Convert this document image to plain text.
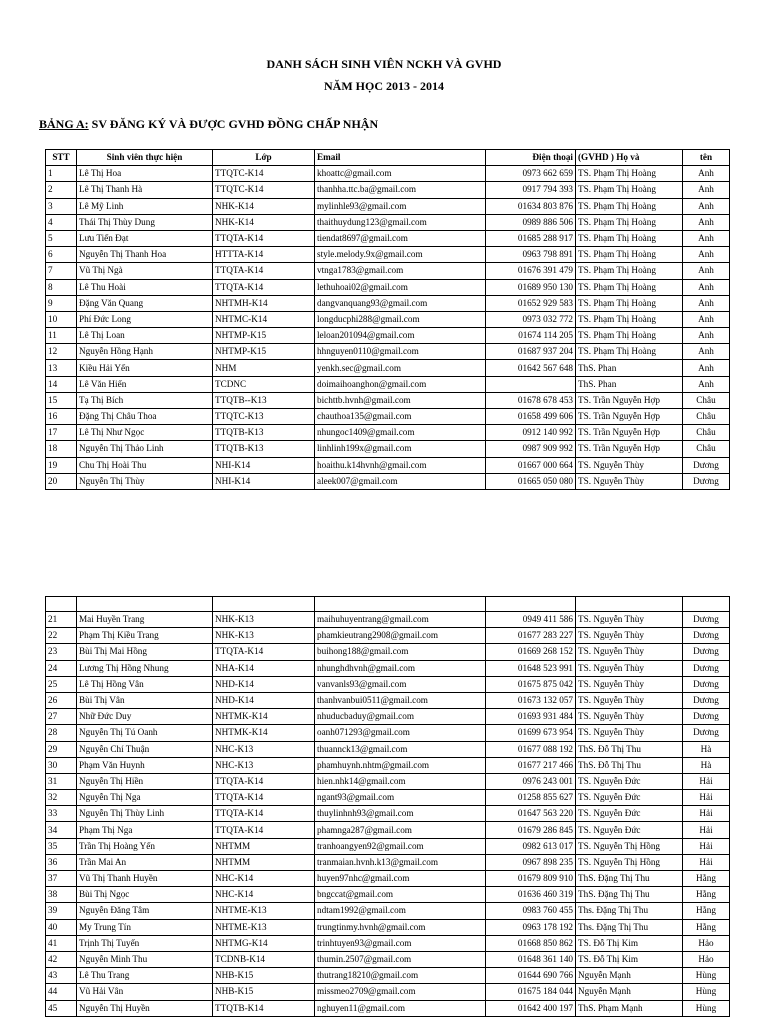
DANH SÁCH SINH VIÊN NCKH VÀ GVHD
NĂM HỌC 2013 - 2014
BẢNG A: SV ĐĂNG KÝ VÀ ĐƯỢC GVHD ĐỒNG CHẤP NHẬN
STT	Sinh viên thực hiện	Lớp	Email	Điện thoại	(GVHD ) Họ và	tên
1	Lê Thị Hoa	TTQTC-K14	khoattc@gmail.com	0973 662 659	TS. Phạm Thị Hoàng	Anh
2	Lê Thị Thanh Hà	TTQTC-K14	thanhha.ttc.ba@gmail.com	0917 794 393	TS. Phạm Thị Hoàng	Anh
3	Lê Mỹ Linh	NHK-K14	mylinhle93@gmail.com	01634 803 876	TS. Phạm Thị Hoàng	Anh
4	Thái Thị Thùy Dung	NHK-K14	thaithuydung123@gmail.com	0989 886 506	TS. Phạm Thị Hoàng	Anh
5	Lưu Tiến Đạt	TTQTA-K14	tiendat8697@gmail.com	01685 288 917	TS. Phạm Thị Hoàng	Anh
6	Nguyễn Thị Thanh Hoa	HTTTA-K14	style.melody.9x@gmail.com	0963 798 891	TS. Phạm Thị Hoàng	Anh
7	Vũ Thị Ngà	TTQTA-K14	vtnga1783@gmail.com	01676 391 479	TS. Phạm Thị Hoàng	Anh
8	Lê Thu Hoài	TTQTA-K14	lethuhoai02@gmail.com	01689 950 130	TS. Phạm Thị Hoàng	Anh
9	Đặng Văn Quang	NHTMH-K14	dangvanquang93@gmail.com	01652 929 583	TS. Phạm Thị Hoàng	Anh
10	Phí Đức Long	NHTMC-K14	longducphi288@gmail.com	0973 032 772	TS. Phạm Thị Hoàng	Anh
11	Lê Thị Loan	NHTMP-K15	leloan201094@gmail.com	01674 114 205	TS. Phạm Thị Hoàng	Anh
12	Nguyễn Hồng Hạnh	NHTMP-K15	hhnguyen0110@gmail.com	01687 937 204	TS. Phạm Thị Hoàng	Anh
13	Kiều Hải Yến	NHM	yenkh.sec@gmail.com	01642 567 648	ThS. Phan	Anh
14	Lê Văn Hiển	TCDNC	doimaihoanghon@gmail.com		ThS. Phan	Anh
15	Tạ Thị Bích	TTQTB--K13	bichttb.hvnh@gmail.com	01678 678 453	TS. Trần Nguyễn Hợp	Châu
16	Đặng Thị Châu Thoa	TTQTC-K13	chauthoa135@gmail.com	01658 499 606	TS. Trần Nguyễn Hợp	Châu
17	Lê Thị Như Ngọc	TTQTB-K13	nhungoc1409@gmail.com	0912 140 992	TS. Trần Nguyễn Hợp	Châu
18	Nguyễn Thị Thảo Linh	TTQTB-K13	linhlinh199x@gmail.com	0987 909 992	TS. Trần Nguyễn Hợp	Châu
19	Chu Thị Hoài Thu	NHI-K14	hoaithu.k14hvnh@gmail.com	01667 000 664	TS. Nguyễn Thùy	Dương
20	Nguyễn Thị Thùy	NHI-K14	aleek007@gmail.com	01665 050 080	TS. Nguyễn Thùy	Dương

21	Mai Huyền Trang	NHK-K13	maihuhuyentrang@gmail.com	0949 411 586	TS. Nguyễn Thùy	Dương
22	Phạm Thị Kiều Trang	NHK-K13	phamkieutrang2908@gmail.com	01677 283 227	TS. Nguyễn Thùy	Dương
23	Bùi Thị Mai Hồng	TTQTA-K14	buihong188@gmail.com	01669 268 152	TS. Nguyễn Thùy	Dương
24	Lương Thị Hồng Nhung	NHA-K14	nhunghdhvnh@gmail.com	01648 523 991	TS. Nguyễn Thùy	Dương
25	Lê Thị Hồng Vân	NHD-K14	vanvanls93@gmail.com	01675 875 042	TS. Nguyễn Thùy	Dương
26	Bùi Thị Vân	NHD-K14	thanhvanbui0511@gmail.com	01673 132 057	TS. Nguyễn Thùy	Dương
27	Nhữ Đức Duy	NHTMK-K14	nhuducbaduy@gmail.com	01693 931 484	TS. Nguyễn Thùy	Dương
28	Nguyễn Thị Tú Oanh	NHTMK-K14	oanh071293@gmail.com	01699 673 954	TS. Nguyễn Thùy	Dương
29	Nguyễn Chí Thuận	NHC-K13	thuannck13@gmail.com	01677 088 192	ThS. Đỗ Thị Thu	Hà
30	Phạm Văn Huynh	NHC-K13	phamhuynh.nhtm@gmail.com	01677 217 466	ThS. Đỗ Thị Thu	Hà
31	Nguyễn Thị Hiền	TTQTA-K14	hien.nhk14@gmail.com	0976 243 001	TS. Nguyễn Đức	Hải
32	Nguyễn Thị Nga	TTQTA-K14	ngant93@gmail.com	01258 855 627	TS. Nguyễn Đức	Hải
33	Nguyễn Thị Thùy Linh	TTQTA-K14	thuylinhnh93@gmail.com	01647 563 220	TS. Nguyễn Đức	Hải
34	Phạm Thị Nga	TTQTA-K14	phamnga287@gmail.com	01679 286 845	TS. Nguyễn Đức	Hải
35	Trần Thị Hoàng Yến	NHTMM	tranhoangyen92@gmail.com	0982 613 017	TS. Nguyễn Thị Hồng	Hải
36	Trần Mai An	NHTMM	tranmaian.hvnh.k13@gmail.com	0967 898 235	TS. Nguyễn Thị Hồng	Hải
37	Vũ Thị Thanh Huyền	NHC-K14	huyen97nhc@gmail.com	01679 809 910	ThS. Đặng Thị Thu	Hằng
38	Bùi Thị Ngọc	NHC-K14	bngccat@gmail.com	01636 460 319	ThS. Đặng Thị Thu	Hằng
39	Nguyễn Đăng Tâm	NHTME-K13	ndtam1992@gmail.com	0983 760 455	Ths. Đặng Thị Thu	Hằng
40	My Trung Tín	NHTME-K13	trungtinmy.hvnh@gmail.com	0963 178 192	Ths. Đặng Thị Thu	Hằng
41	Trịnh Thị Tuyến	NHTMG-K14	trinhtuyen93@gmail.com	01668 850 862	TS. Đỗ Thị Kim	Hảo
42	Nguyễn Minh Thu	TCDNB-K14	thumin.2507@gmail.com	01648 361 140	TS. Đỗ Thị Kim	Hảo
43	Lê Thu Trang	NHB-K15	thutrang18210@gmail.com	01644 690 766	Nguyễn Mạnh	Hùng
44	Vũ Hải Vân	NHB-K15	missmeo2709@gmail.com	01675 184 044	Nguyễn Mạnh	Hùng
45	Nguyễn Thị Huyền	TTQTB-K14	nghuyen11@gmail.com	01642 400 197	ThS. Phạm Mạnh	Hùng
